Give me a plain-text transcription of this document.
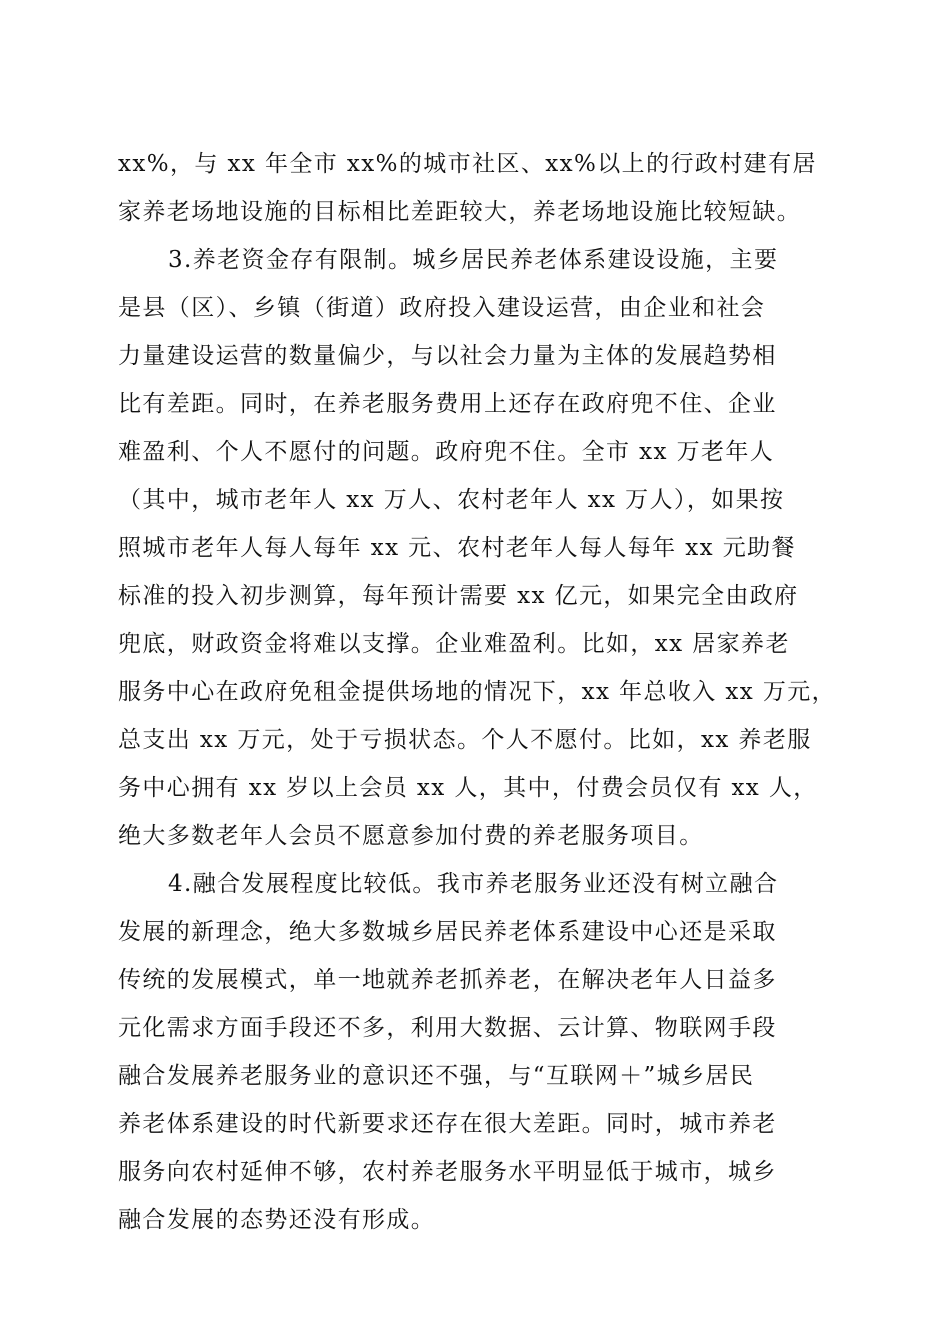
xx%，与 xx 年全市 xx%的城市社区、xx%以上的行政村建有居
家养老场地设施的目标相比差距较大，养老场地设施比较短缺。
3.养老资金存有限制。城乡居民养老体系建设设施，主要
是县（区）、乡镇（街道）政府投入建设运营，由企业和社会
力量建设运营的数量偏少，与以社会力量为主体的发展趋势相
比有差距。同时，在养老服务费用上还存在政府兜不住、企业
难盈利、个人不愿付的问题。政府兜不住。全市 xx 万老年人
（其中，城市老年人 xx 万人、农村老年人 xx 万人），如果按
照城市老年人每人每年 xx 元、农村老年人每人每年 xx 元助餐
标准的投入初步测算，每年预计需要 xx 亿元，如果完全由政府
兜底，财政资金将难以支撑。企业难盈利。比如，xx 居家养老
服务中心在政府免租金提供场地的情况下，xx 年总收入 xx 万元，
总支出 xx 万元，处于亏损状态。个人不愿付。比如，xx 养老服
务中心拥有 xx 岁以上会员 xx 人，其中，付费会员仅有 xx 人，
绝大多数老年人会员不愿意参加付费的养老服务项目。
4.融合发展程度比较低。我市养老服务业还没有树立融合
发展的新理念，绝大多数城乡居民养老体系建设中心还是采取
传统的发展模式，单一地就养老抓养老，在解决老年人日益多
元化需求方面手段还不多，利用大数据、云计算、物联网手段
融合发展养老服务业的意识还不强，与“互联网＋”城乡居民
养老体系建设的时代新要求还存在很大差距。同时，城市养老
服务向农村延伸不够，农村养老服务水平明显低于城市，城乡
融合发展的态势还没有形成。
